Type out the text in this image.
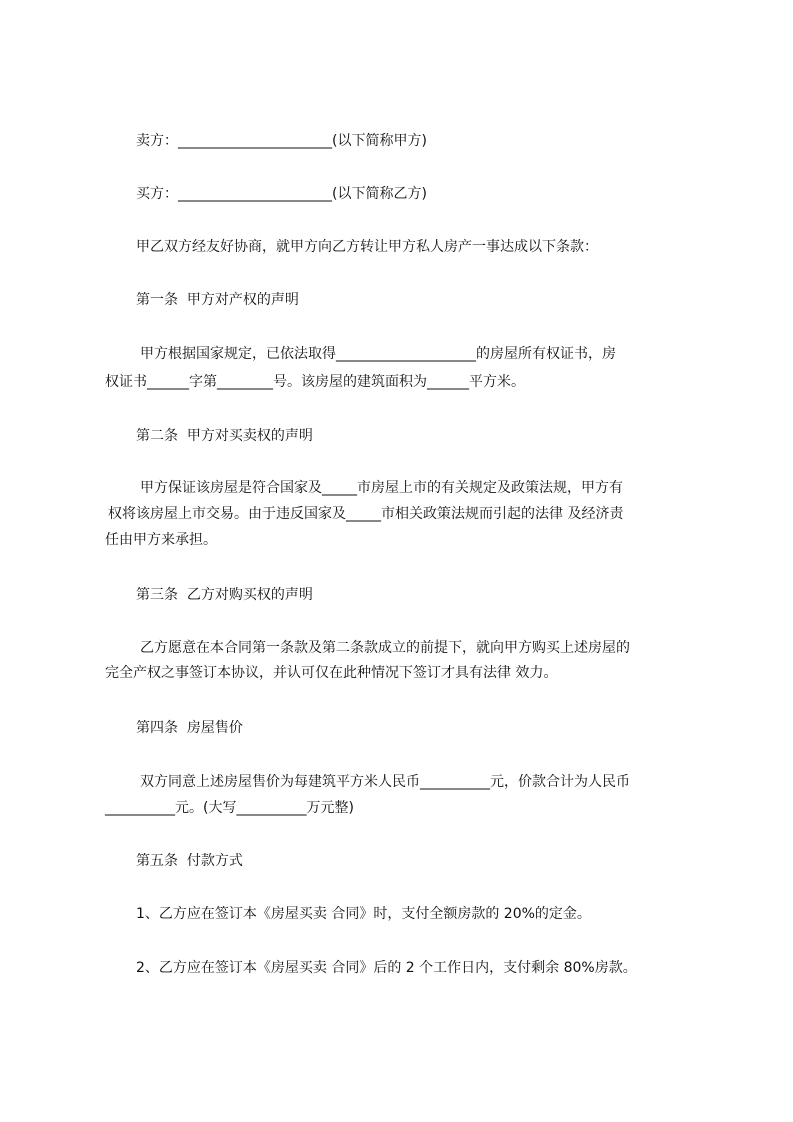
卖方：______________________(以下简称甲方)
买方：______________________(以下简称乙方)
甲乙双方经友好协商，就甲方向乙方转让甲方私人房产一事达成以下条款：
第一条  甲方对产权的声明
甲方根据国家规定，已依法取得____________________的房屋所有权证书，房
权证书______字第________号。该房屋的建筑面积为______平方米。
第二条  甲方对买卖权的声明
甲方保证该房屋是符合国家及_____市房屋上市的有关规定及政策法规，甲方有
权将该房屋上市交易。由于违反国家及_____市相关政策法规而引起的法律 及经济责
任由甲方来承担。
第三条  乙方对购买权的声明
乙方愿意在本合同第一条款及第二条款成立的前提下，就向甲方购买上述房屋的
完全产权之事签订本协议，并认可仅在此种情况下签订才具有法律 效力。
第四条  房屋售价
双方同意上述房屋售价为每建筑平方米人民币__________元，价款合计为人民币
__________元。(大写__________万元整)
第五条  付款方式
1、乙方应在签订本《房屋买卖 合同》时，支付全额房款的 20%的定金。
2、乙方应在签订本《房屋买卖 合同》后的 2 个工作日内，支付剩余 80%房款。
